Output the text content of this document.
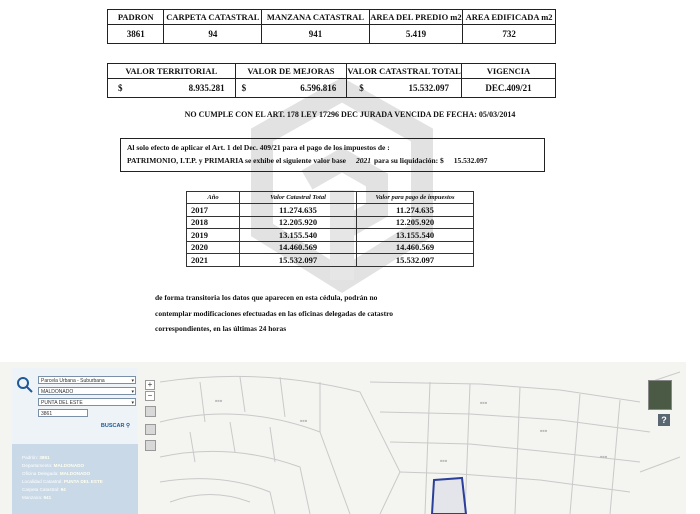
PADRON	CARPETA CATASTRAL	MANZANA CATASTRAL	AREA DEL PREDIO m2	AREA EDIFICADA m2
3861	94	941	5.419	732
VALOR TERRITORIAL	VALOR DE MEJORAS	VALOR CATASTRAL TOTAL	VIGENCIA

$ 8.935.281	$ 6.596.816	$ 15.532.097	DEC.409/21
NO CUMPLE CON EL ART. 178 LEY 17296 DEC JURADA VENCIDA DE FECHA: 05/03/2014
Al solo efecto de aplicar el Art. 1 del Dec. 409/21 para el pago de los impuestos de :
PATRIMONIO, I.T.P. y PRIMARIA se exhibe el siguiente valor base 2021 para su liquidación: $ 15.532.097
Año	Valor Catastral Total	Valor para pago de impuestos
2017	11.274.635	11.274.635
2018	12.205.920	12.205.920
2019	13.155.540	13.155.540
2020	14.460.569	14.460.569
2021	15.532.097	15.532.097
de forma transitoria los datos que aparecen en esta cédula, podrán no
contemplar modificaciones efectuadas en las oficinas delegadas de catastro
correspondientes, en las últimas 24 horas
■■■
■■■
■■■
■■■
■■■
■■■
Parcela Urbana - Suburbana	▾
MALDONADO	▾
PUNTA DEL ESTE	▾
3861
BUSCAR ⚲
Padrón: 3861
Departamento: MALDONADO
Oficina Delegada: MALDONADO
Localidad Catastral: PUNTA DEL ESTE
Carpeta Catastral: 94
Manzana: 941
+
−
?
